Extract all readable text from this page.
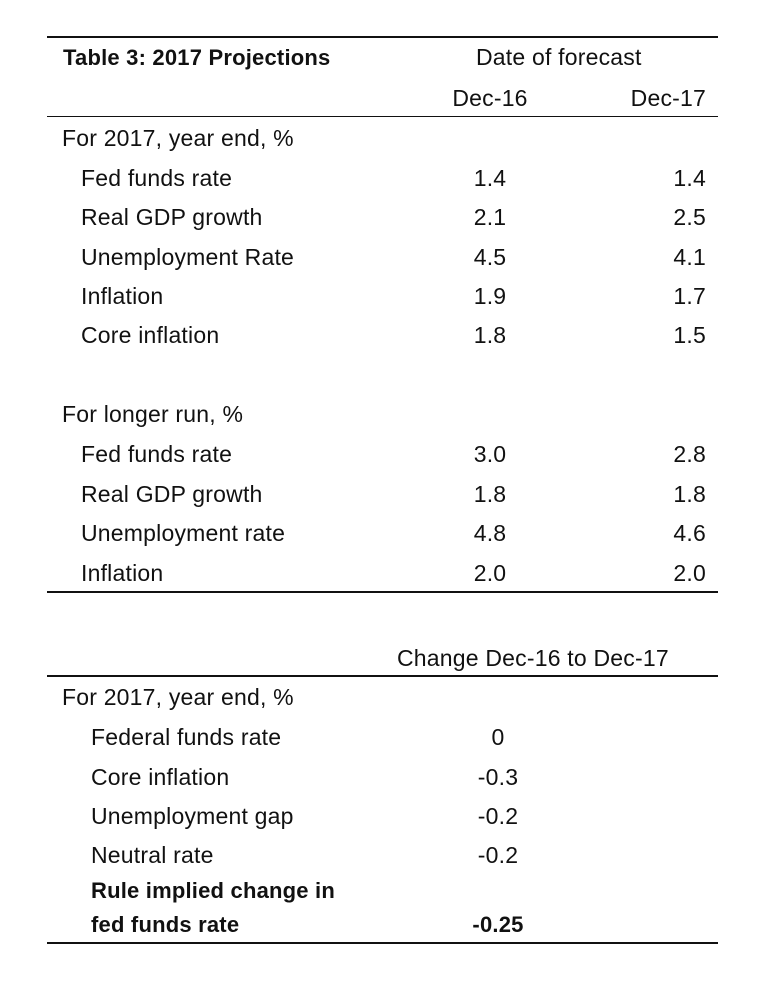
Table 3: 2017 Projections	Date of forecast
Dec-16	Dec-17
For 2017, year end, %
Fed funds rate	1.4	1.4
Real GDP growth	2.1	2.5
Unemployment Rate	4.5	4.1
Inflation	1.9	1.7
Core inflation	1.8	1.5
For longer run, %
Fed funds rate	3.0	2.8
Real GDP growth	1.8	1.8
Unemployment rate	4.8	4.6
Inflation	2.0	2.0
Change Dec-16 to Dec-17
For 2017, year end, %
Federal funds rate	0
Core inflation	-0.3
Unemployment gap	-0.2
Neutral rate	-0.2
Rule implied change in
fed funds rate	-0.25
